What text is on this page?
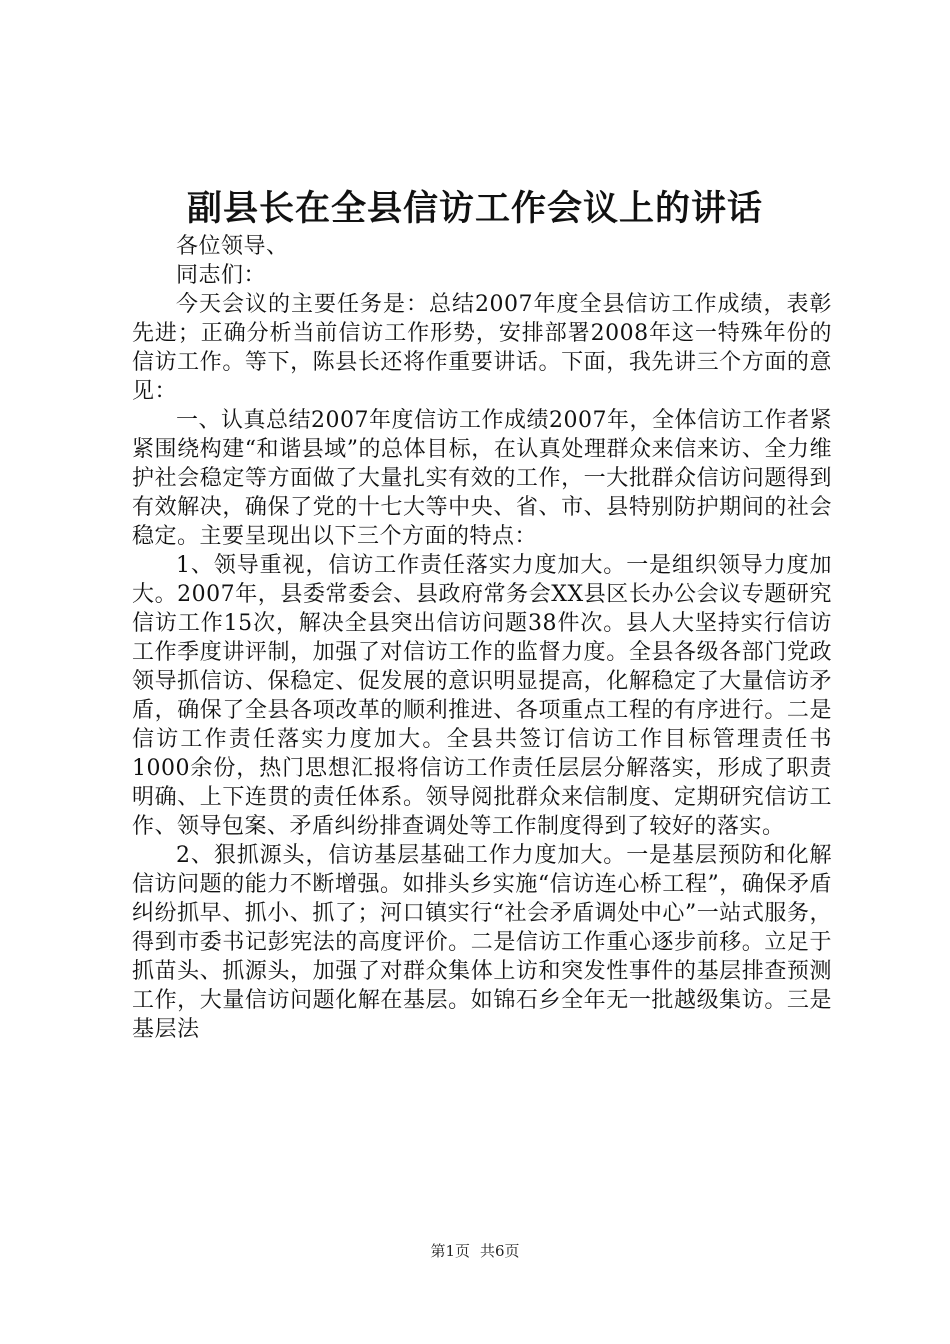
副县长在全县信访工作会议上的讲话

各位领导、

同志们：

今天会议的主要任务是：总结2007年度全县信访工作成绩，表彰先进；正确分析当前信访工作形势，安排部署2008年这一特殊年份的信访工作。等下，陈县长还将作重要讲话。下面，我先讲三个方面的意见：

一、认真总结2007年度信访工作成绩2007年，全体信访工作者紧紧围绕构建“和谐县域”的总体目标，在认真处理群众来信来访、全力维护社会稳定等方面做了大量扎实有效的工作，一大批群众信访问题得到有效解决，确保了党的十七大等中央、省、市、县特别防护期间的社会稳定。主要呈现出以下三个方面的特点：

1、领导重视，信访工作责任落实力度加大。一是组织领导力度加大。2007年，县委常委会、县政府常务会XX县区长办公会议专题研究信访工作15次，解决全县突出信访问题38件次。县人大坚持实行信访工作季度讲评制，加强了对信访工作的监督力度。全县各级各部门党政领导抓信访、保稳定、促发展的意识明显提高，化解稳定了大量信访矛盾，确保了全县各项改革的顺利推进、各项重点工程的有序进行。二是信访工作责任落实力度加大。全县共签订信访工作目标管理责任书1000余份，热门思想汇报将信访工作责任层层分解落实，形成了职责明确、上下连贯的责任体系。领导阅批群众来信制度、定期研究信访工作、领导包案、矛盾纠纷排查调处等工作制度得到了较好的落实。

2、狠抓源头，信访基层基础工作力度加大。一是基层预防和化解信访问题的能力不断增强。如排头乡实施“信访连心桥工程”，确保矛盾纠纷抓早、抓小、抓了；河口镇实行“社会矛盾调处中心”一站式服务，得到市委书记彭宪法的高度评价。二是信访工作重心逐步前移。立足于抓苗头、抓源头，加强了对群众集体上访和突发性事件的基层排查预测工作，大量信访问题化解在基层。如锦石乡全年无一批越级集访。三是基层法

第1页 共6页
